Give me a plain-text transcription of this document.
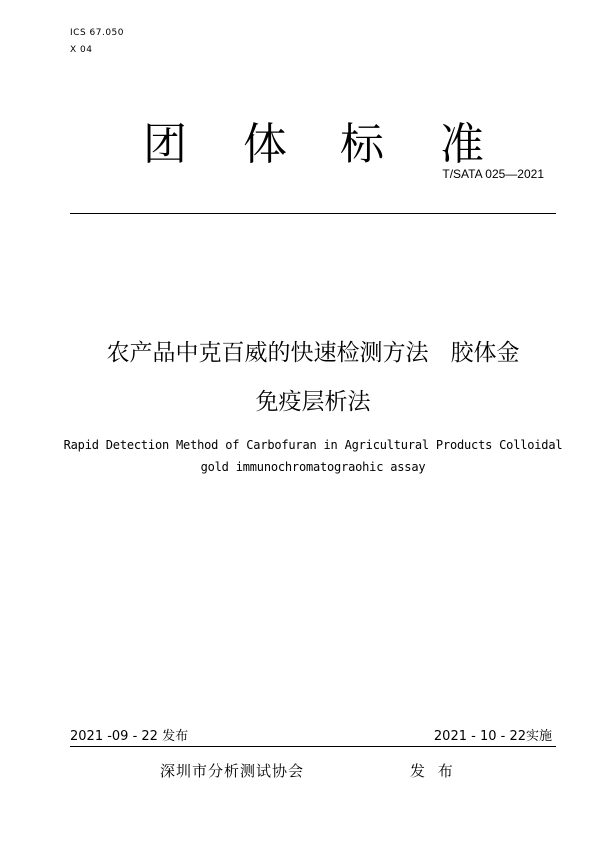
ICS 67.050
X 04
团 体 标 准
T/SATA 025—2021
农产品中克百威的快速检测方法   胶体金
免疫层析法
Rapid Detection Method of Carbofuran in Agricultural Products Colloidal
gold immunochromatograohic assay
2021 -09 - 22 发布	2021 - 10 - 22实施
深圳市分析测试协会	发 布
